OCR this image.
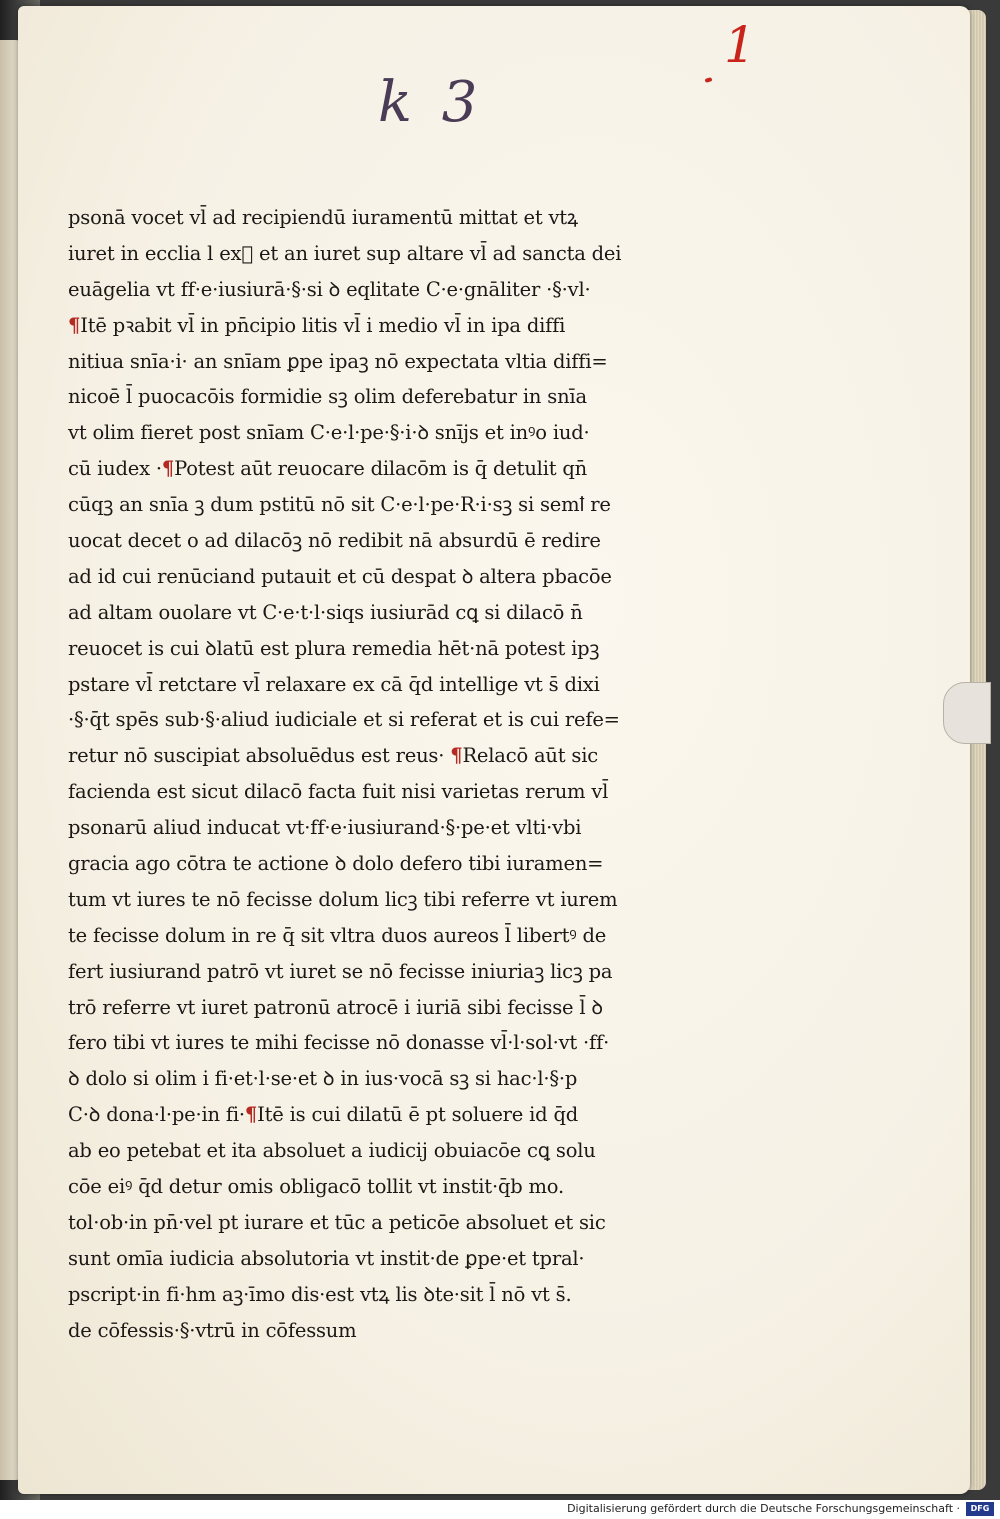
1
k 3
psonā vocet vl̄ ad recipiendū iuramentū mittat et vtꝝ
iuret in ecclia l exᷓ et an iuret sup altare vl̄ ad sancta dei
euāgelia vt ff·e·iusiurā·§·si ꝺ eqlitate C·e·gnāliter ·§·vl·
¶Itē pꝛabit vl̄ in pn̄cipio litis vl̄ i medio vl̄ in ipa diffi
nitiua snīa·i· an snīam ꝑpe ipaꝫ nō expectata vltia diffi=
nicoē l̄ puocacōis formidie sꝫ olim deferebatur in snīa
vt olim fieret post snīam C·e·l·pe·§·i·ꝺ snījs et inꝰo iud·
cū iudex ·¶Potest aūt reuocare dilacōm is q̄ detulit qn̄
cūqꝫ an snīa ꝫ dum pstitū nō sit C·e·l·pe·R·i·sꝫ si semꝉ re
uocat decet o ad dilacōꝫ nō redibit nā absurdū ē redire
ad id cui renūciand putauit et cū despat ꝺ altera pbacōe
ad altam ouolare vt C·e·t·l·siqs iusiurād cꝗ si dilacō n̄
reuocet is cui ꝺlatū est plura remedia hēt·nā potest ipꝫ
pstare vl̄ retctare vl̄ relaxare ex cā q̄d intellige vt s̄ dixi
·§·q̄t spēs sub·§·aliud iudiciale et si referat et is cui refe=
retur nō suscipiat absoluēdus est reus· ¶Relacō aūt sic
facienda est sicut dilacō facta fuit nisi varietas rerum vl̄
psonarū aliud inducat vt·ff·e·iusiurand·§·pe·et vlti·vbi
gracia ago cōtra te actione ꝺ dolo defero tibi iuramen=
tum vt iures te nō fecisse dolum licꝫ tibi referre vt iurem
te fecisse dolum in re q̄ sit vltra duos aureos l̄ libertꝰ de
fert iusiurand patrō vt iuret se nō fecisse iniuriaꝫ licꝫ pa
trō referre vt iuret patronū atrocē i iuriā sibi fecisse l̄ ꝺ
fero tibi vt iures te mihi fecisse nō donasse vl̄·l·sol·vt ·ff·
ꝺ dolo si olim i fi·et·l·se·et ꝺ in ius·vocā sꝫ si hac·l·§·p
C·ꝺ dona·l·pe·in fi·¶Itē is cui dilatū ē pt soluere id q̄d
ab eo petebat et ita absoluet a iudicij obuiacōe cꝗ solu
cōe eiꝰ q̄d detur omis obligacō tollit vt instit·q̄b mo.
tol·ob·in pn̄·vel pt iurare et tūc a peticōe absoluet et sic
sunt omīa iudicia absolutoria vt instit·de ꝑpe·et tpral·
pscript·in fi·hm aꝫ·īmo dis·est vtꝝ lis ꝺte·sit l̄ nō vt s̄.
de cōfessis·§·vtrū in cōfessum
Digitalisierung gefördert durch die Deutsche Forschungsgemeinschaft ·	DFG
